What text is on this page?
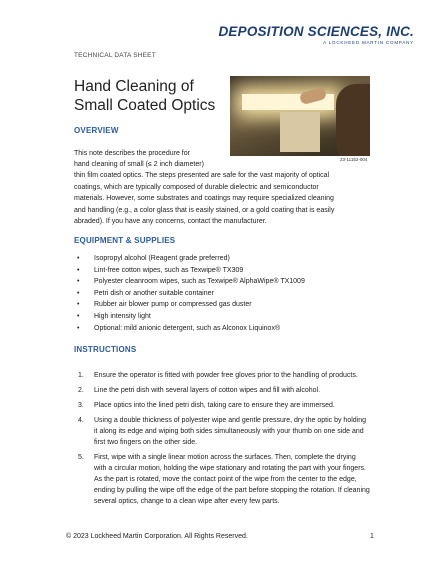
DEPOSITION SCIENCES, INC.
A LOCKHEED MARTIN COMPANY
TECHNICAL DATA SHEET
Hand Cleaning of
Small Coated Optics
23-11152-004
OVERVIEW
This note describes the procedure for
hand cleaning of small (≤ 2 inch diameter)
thin film coated optics. The steps presented are safe for the vast majority of optical
coatings, which are typically composed of durable dielectric and semiconductor
materials. However, some substrates and coatings may require specialized cleaning
and handling (e.g., a color glass that is easily stained, or a gold coating that is easily
abraded). If you have any concerns, contact the manufacturer.
EQUIPMENT & SUPPLIES
• Isopropyl alcohol (Reagent grade preferred)
• Lint-free cotton wipes, such as Texwipe® TX309
• Polyester cleanroom wipes, such as Texwipe® AlphaWipe® TX1009
• Petri dish or another suitable container
• Rubber air blower pump or compressed gas duster
• High intensity light
• Optional: mild anionic detergent, such as Alconox Liquinox®
INSTRUCTIONS
1. Ensure the operator is fitted with powder free gloves prior to the handling of products.
2. Line the petri dish with several layers of cotton wipes and fill with alcohol.
3. Place optics into the lined petri dish, taking care to ensure they are immersed.
4. Using a double thickness of polyester wipe and gentle pressure, dry the optic by holding it along its edge and wiping both sides simultaneously with your thumb on one side and first two fingers on the other side.
5. First, wipe with a single linear motion across the surfaces. Then, complete the drying with a circular motion, holding the wipe stationary and rotating the part with your fingers. As the part is rotated, move the contact point of the wipe from the center to the edge, ending by pulling the wipe off the edge of the part before stopping the rotation. If cleaning several optics, change to a clean wipe after every few parts.
© 2023 Lockheed Martin Corporation. All Rights Reserved.	1
